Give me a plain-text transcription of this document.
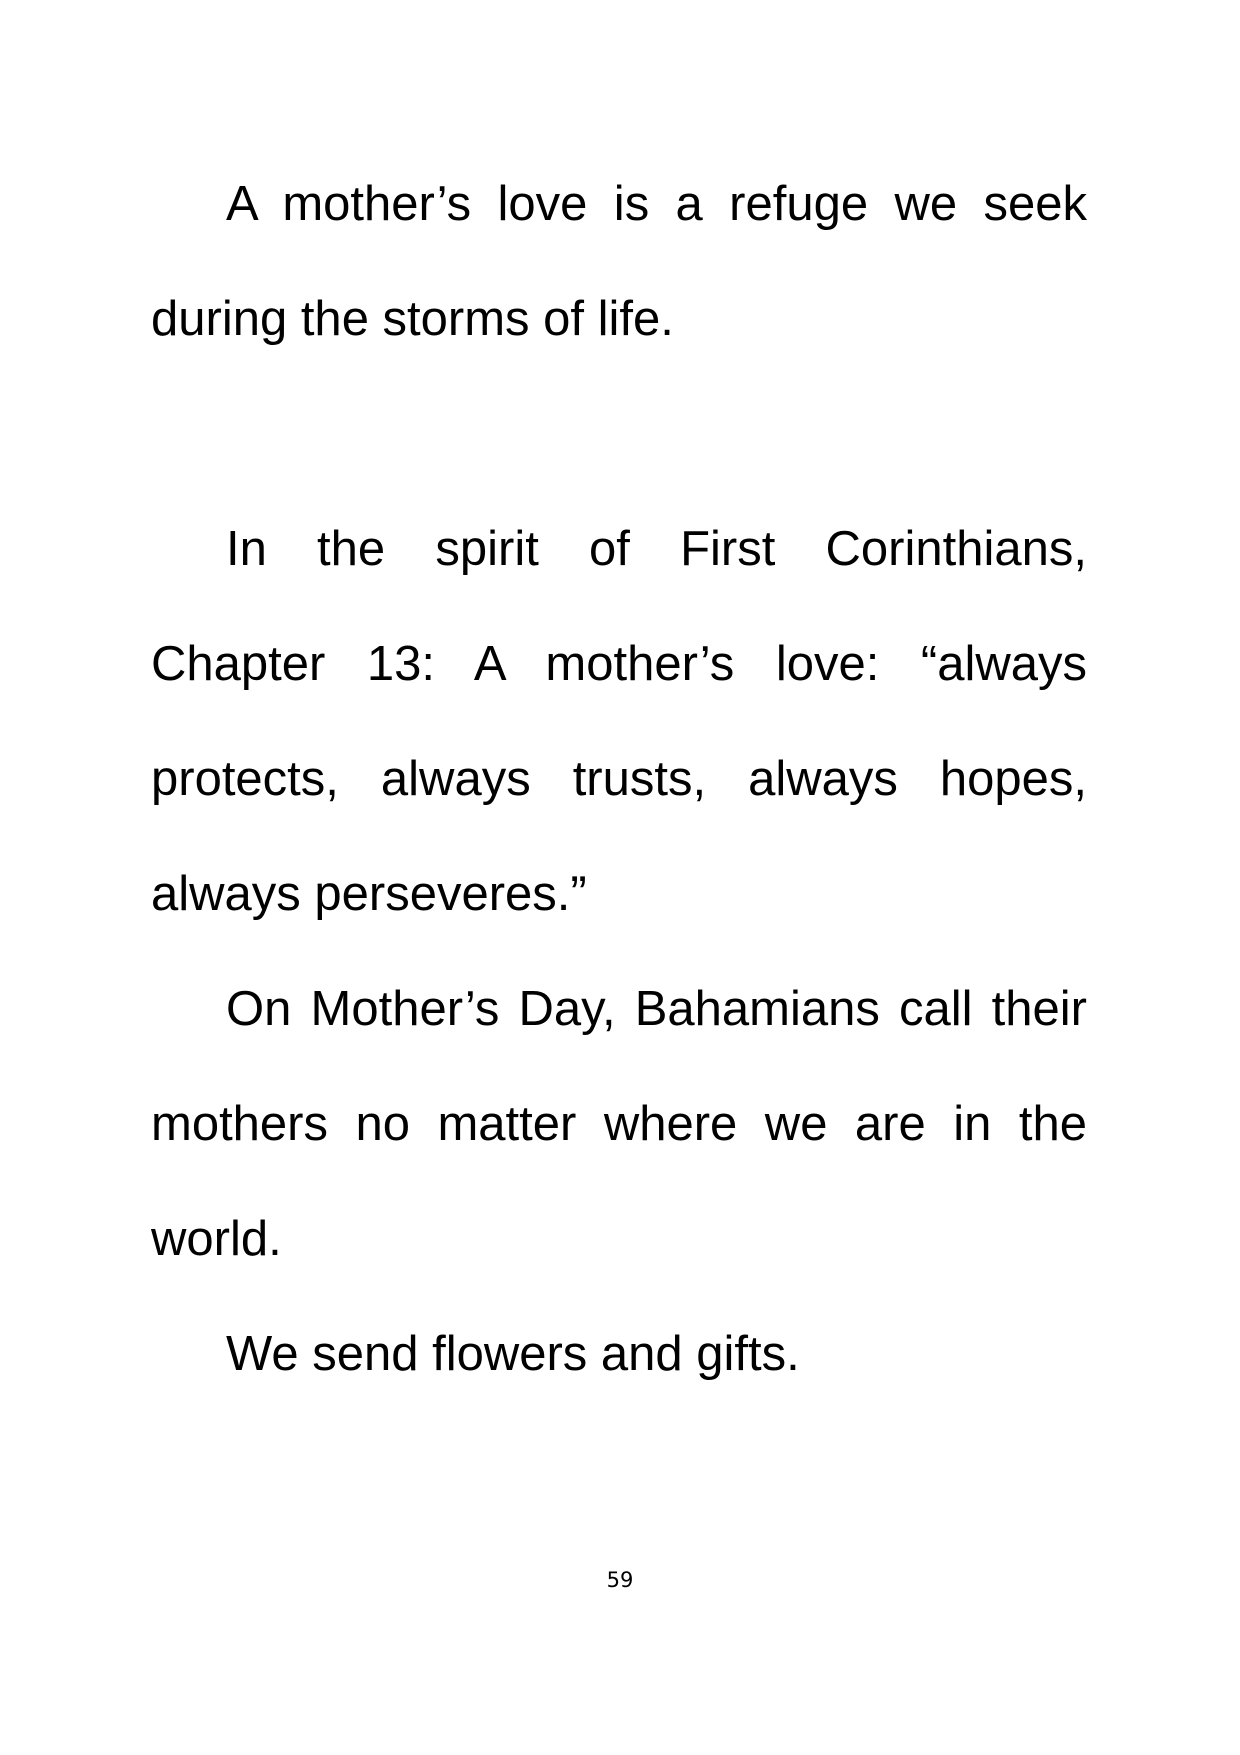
A mother’s love is a refuge we seek during the storms of life.

In the spirit of First Corinthians, Chapter 13: A mother’s love: “always protects, always trusts, always hopes, always perseveres.”

On Mother’s Day, Bahamians call their mothers no matter where we are in the world.

We send flowers and gifts.

59
